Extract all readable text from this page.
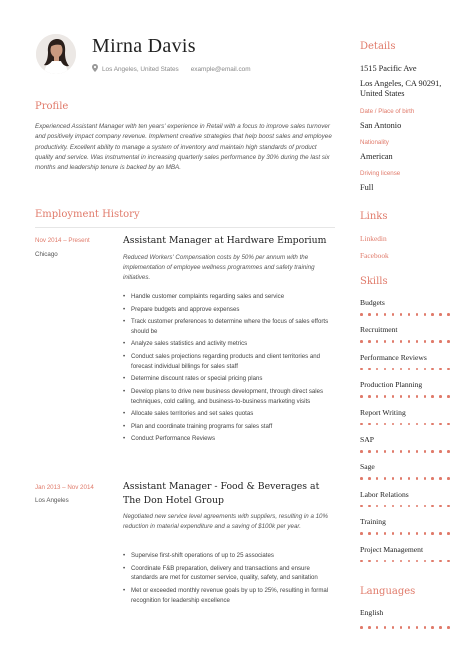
Mirna Davis
Los Angeles, United States example@email.com
Profile
Experienced Assistant Manager with ten years' experience in Retail with a focus to improve sales turnover and positively impact company revenue. Implement creative strategies that help boost sales and employee productivity. Excellent ability to manage a system of inventory and maintain high standards of product quality and service. Was instrumental in increasing quarterly sales performance by 30% during the last six months and leadership tenure is backed by an MBA.
Employment History
Nov 2014 – Present
Chicago
Assistant Manager at Hardware Emporium
Reduced Workers' Compensation costs by 50% per annum with the implementation of employee wellness programmes and safety training initiatives.
• Handle customer complaints regarding sales and service
• Prepare budgets and approve expenses
• Track customer preferences to determine where the focus of sales efforts should be
• Analyze sales statistics and activity metrics
• Conduct sales projections regarding products and client territories and forecast individual billings for sales staff
• Determine discount rates or special pricing plans
• Develop plans to drive new business development, through direct sales techniques, cold calling, and business-to-business marketing visits
• Allocate sales territories and set sales quotas
• Plan and coordinate training programs for sales staff
• Conduct Performance Reviews
Jan 2013 – Nov 2014
Los Angeles
Assistant Manager - Food & Beverages at The Don Hotel Group
Negotiated new service level agreements with suppliers, resulting in a 10% reduction in material expenditure and a saving of $100k per year.
• Supervise first-shift operations of up to 25 associates
• Coordinate F&B preparation, delivery and transactions and ensure standards are met for customer service, quality, safety, and sanitation
• Met or exceeded monthly revenue goals by up to 25%, resulting in formal recognition for leadership excellence
Details
1515 Pacific Ave
Los Angeles, CA 90291, United States
Date / Place of birth
San Antonio
Nationality
American
Driving license
Full
Links
Linkedin
Facebook
Skills
Budgets
Recruitment
Performance Reviews
Production Planning
Report Writing
SAP
Sage
Labor Relations
Training
Project Management
Languages
English
